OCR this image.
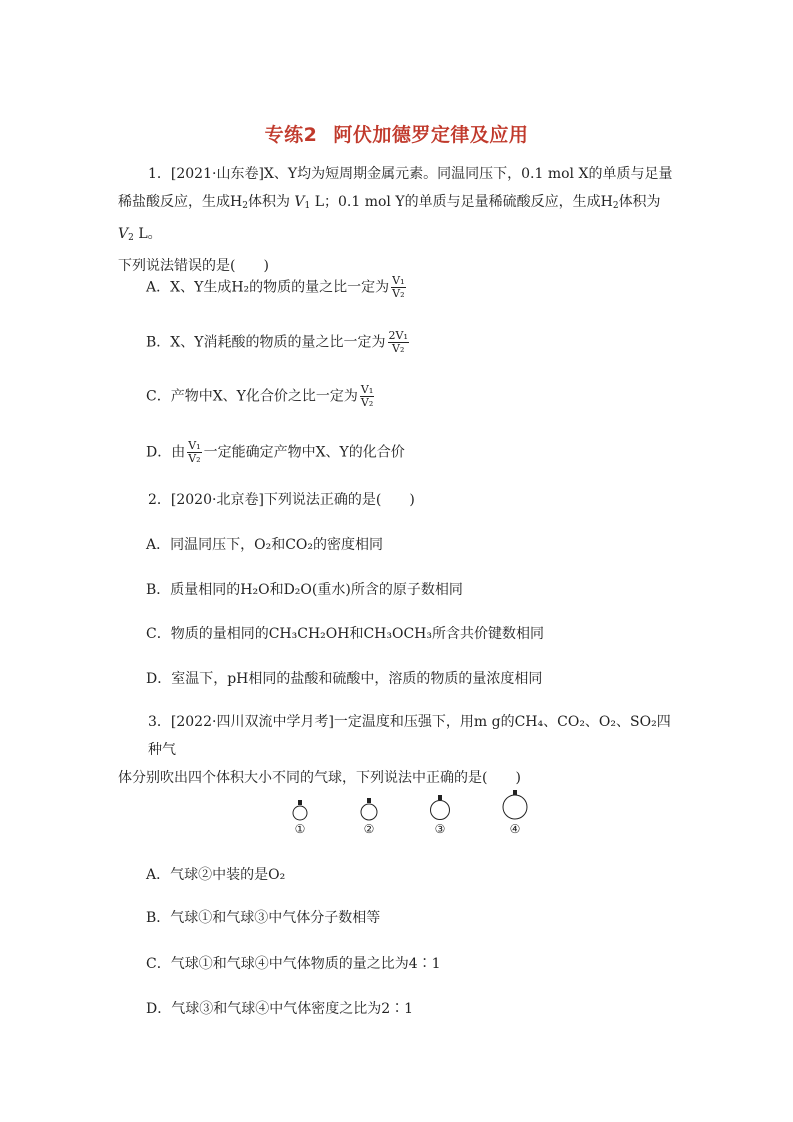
专练2 阿伏加德罗定律及应用
1．[2021·山东卷]X、Y均为短周期金属元素。同温同压下，0.1 mol X的单质与足量
稀盐酸反应，生成$H_2$体积为 $V_1$ L；0.1 mol Y的单质与足量稀硫酸反应，生成$H_2$体积为 $V_2$ L。
下列说法错误的是(　　)
A．X、Y生成H₂的物质的量之比一定为 $\frac{\text{V₁}}{\text{V₂}}$
B．X、Y消耗酸的物质的量之比一定为 $\frac{\text{2V₁}}{\text{V₂}}$
C．产物中X、Y化合价之比一定为 $\frac{\text{V₁}}{\text{V₂}}$
D．由 $\frac{\text{V₁}}{\text{V₂}}$ 一定能确定产物中X、Y的化合价
2．[2020·北京卷]下列说法正确的是(　　)
A．同温同压下，O₂和CO₂的密度相同
B．质量相同的H₂O和D₂O(重水)所含的原子数相同
C．物质的量相同的CH₃CH₂OH和CH₃OCH₃所含共价键数相同
D．室温下，pH相同的盐酸和硫酸中，溶质的物质的量浓度相同
3．[2022·四川双流中学月考]一定温度和压强下，用m g的CH₄、CO₂、O₂、SO₂四种气
体分别吹出四个体积大小不同的气球，下列说法中正确的是(　　)
①	②	③	④
A．气球②中装的是O₂
B．气球①和气球③中气体分子数相等
C．气球①和气球④中气体物质的量之比为4∶1
D．气球③和气球④中气体密度之比为2∶1
